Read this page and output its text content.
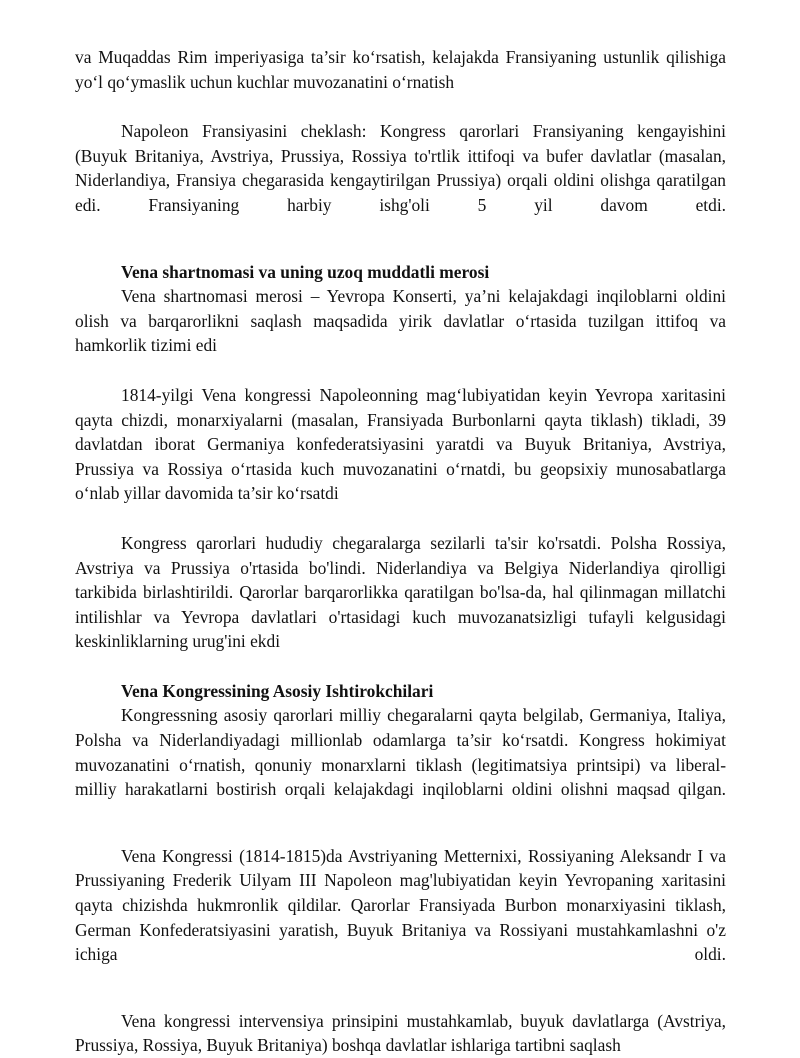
va Muqaddas Rim imperiyasiga ta’sir ko‘rsatish, kelajakda Fransiyaning ustunlik qilishiga yo‘l qo‘ymaslik uchun kuchlar muvozanatini o‘rnatish

Napoleon Fransiyasini cheklash: Kongress qarorlari Fransiyaning kengayishini (Buyuk Britaniya, Avstriya, Prussiya, Rossiya to'rtlik ittifoqi va bufer davlatlar (masalan, Niderlandiya, Fransiya chegarasida kengaytirilgan Prussiya) orqali oldini olishga qaratilgan edi. Fransiyaning harbiy ishg'oli 5 yil davom etdi.

Vena shartnomasi va uning uzoq muddatli merosi

Vena shartnomasi merosi – Yevropa Konserti, ya’ni kelajakdagi inqiloblarni oldini olish va barqarorlikni saqlash maqsadida yirik davlatlar o‘rtasida tuzilgan ittifoq va hamkorlik tizimi edi

1814-yilgi Vena kongressi Napoleonning mag‘lubiyatidan keyin Yevropa xaritasini qayta chizdi, monarxiyalarni (masalan, Fransiyada Burbonlarni qayta tiklash) tikladi, 39 davlatdan iborat Germaniya konfederatsiyasini yaratdi va Buyuk Britaniya, Avstriya, Prussiya va Rossiya o‘rtasida kuch muvozanatini o‘rnatdi, bu geopsixiy munosabatlarga o‘nlab yillar davomida ta’sir ko‘rsatdi

Kongress qarorlari hududiy chegaralarga sezilarli ta'sir ko'rsatdi. Polsha Rossiya, Avstriya va Prussiya o'rtasida bo'lindi. Niderlandiya va Belgiya Niderlandiya qirolligi tarkibida birlashtirildi. Qarorlar barqarorlikka qaratilgan bo'lsa-da, hal qilinmagan millatchi intilishlar va Yevropa davlatlari o'rtasidagi kuch muvozanatsizligi tufayli kelgusidagi keskinliklarning urug'ini ekdi

Vena Kongressining Asosiy Ishtirokchilari

Kongressning asosiy qarorlari milliy chegaralarni qayta belgilab, Germaniya, Italiya, Polsha va Niderlandiyadagi millionlab odamlarga ta’sir ko‘rsatdi. Kongress hokimiyat muvozanatini o‘rnatish, qonuniy monarxlarni tiklash (legitimatsiya printsipi) va liberal-milliy harakatlarni bostirish orqali kelajakdagi inqiloblarni oldini olishni maqsad qilgan.

Vena Kongressi (1814-1815)da Avstriyaning Metternixi, Rossiyaning Aleksandr I va Prussiyaning Frederik Uilyam III Napoleon mag'lubiyatidan keyin Yevropaning xaritasini qayta chizishda hukmronlik qildilar. Qarorlar Fransiyada Burbon monarxiyasini tiklash, German Konfederatsiyasini yaratish, Buyuk Britaniya va Rossiyani mustahkamlashni o'z ichiga oldi.

Vena kongressi intervensiya prinsipini mustahkamlab, buyuk davlatlarga (Avstriya, Prussiya, Rossiya, Buyuk Britaniya) boshqa davlatlar ishlariga tartibni saqlash
